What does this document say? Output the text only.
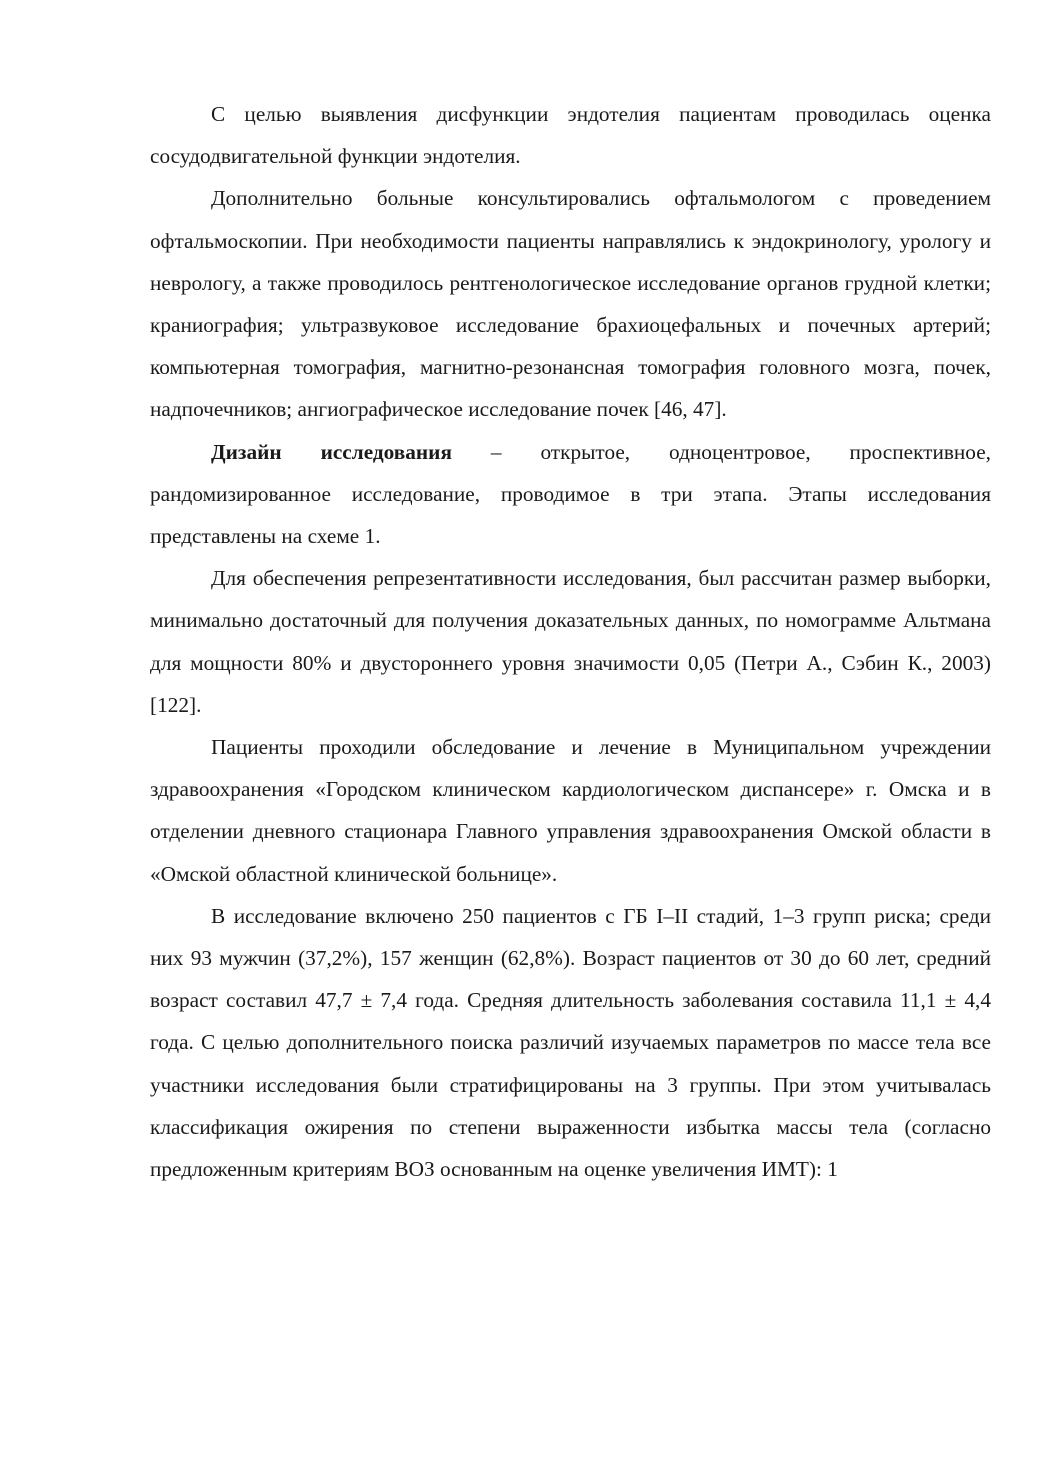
С целью выявления дисфункции эндотелия пациентам проводилась оценка сосудодвигательной функции эндотелия.

Дополнительно больные консультировались офтальмологом с проведением офтальмоскопии. При необходимости пациенты направлялись к эндокринологу, урологу и неврологу, а также проводилось рентгенологическое исследование органов грудной клетки; краниография; ультразвуковое исследование брахиоцефальных и почечных артерий; компьютерная томография, магнитно-резонансная томография головного мозга, почек, надпочечников; ангиографическое исследование почек [46, 47].

Дизайн исследования – открытое, одноцентровое, проспективное, рандомизированное исследование, проводимое в три этапа. Этапы исследования представлены на схеме 1.

Для обеспечения репрезентативности исследования, был рассчитан размер выборки, минимально достаточный для получения доказательных данных, по номограмме Альтмана для мощности 80% и двустороннего уровня значимости 0,05 (Петри А., Сэбин К., 2003) [122].

Пациенты проходили обследование и лечение в Муниципальном учреждении здравоохранения «Городском клиническом кардиологическом диспансере» г. Омска и в отделении дневного стационара Главного управления здравоохранения Омской области в «Омской областной клинической больнице».

В исследование включено 250 пациентов с ГБ I–II стадий, 1–3 групп риска; среди них 93 мужчин (37,2%), 157 женщин (62,8%). Возраст пациентов от 30 до 60 лет, средний возраст составил 47,7 ± 7,4 года. Средняя длительность заболевания составила 11,1 ± 4,4 года. С целью дополнительного поиска различий изучаемых параметров по массе тела все участники исследования были стратифицированы на 3 группы. При этом учитывалась классификация ожирения по степени выраженности избытка массы тела (согласно предложенным критериям ВОЗ основанным на оценке увеличения ИМТ): 1
